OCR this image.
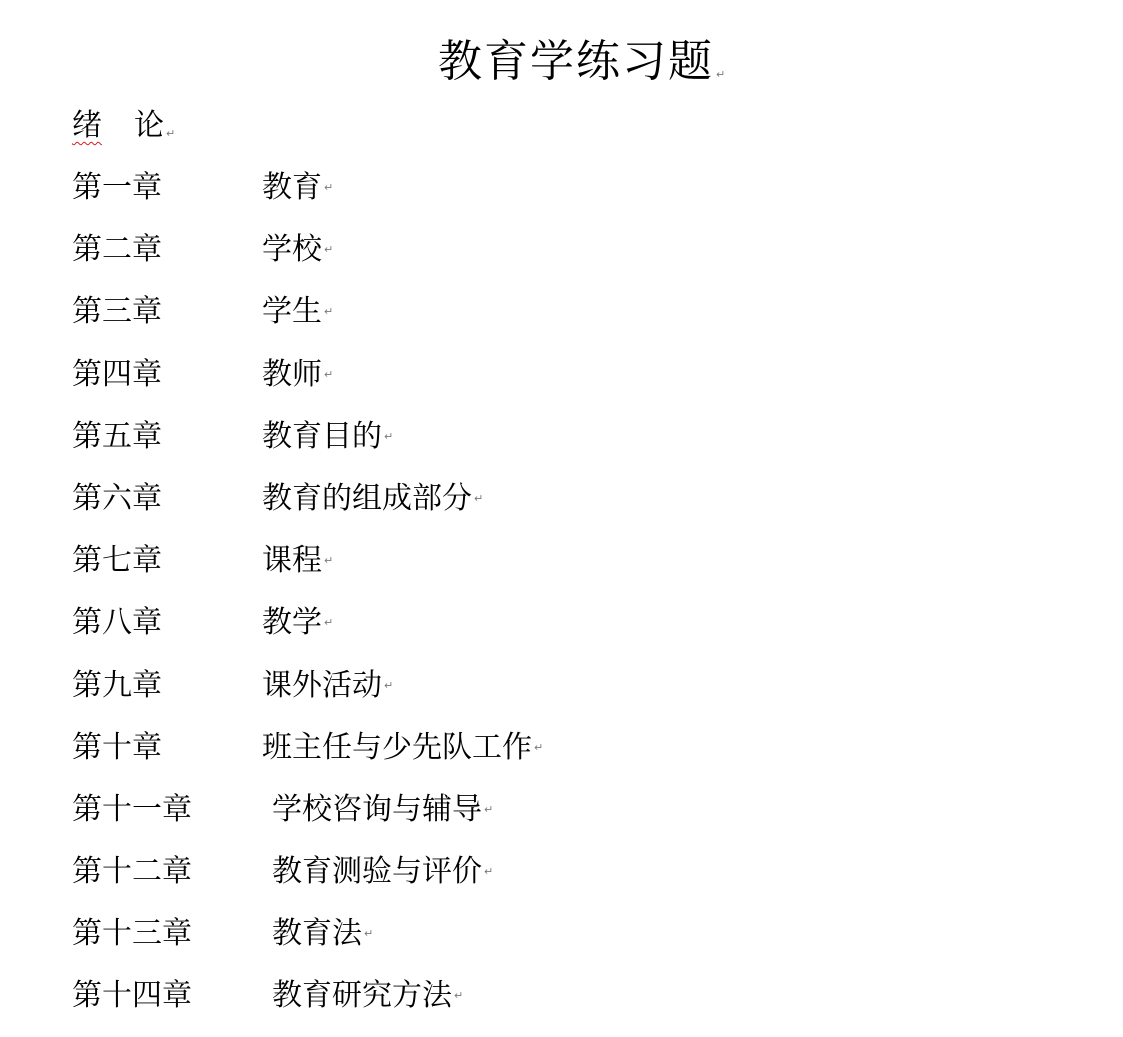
教育学练习题 ↵
绪 论 ↵
第一章	教育 ↵
第二章	学校 ↵
第三章	学生 ↵
第四章	教师 ↵
第五章	教育目的 ↵
第六章	教育的组成部分 ↵
第七章	课程 ↵
第八章	教学 ↵
第九章	课外活动 ↵
第十章	班主任与少先队工作 ↵
第十一章	学校咨询与辅导 ↵
第十二章	教育测验与评价 ↵
第十三章	教育法 ↵
第十四章	教育研究方法 ↵
